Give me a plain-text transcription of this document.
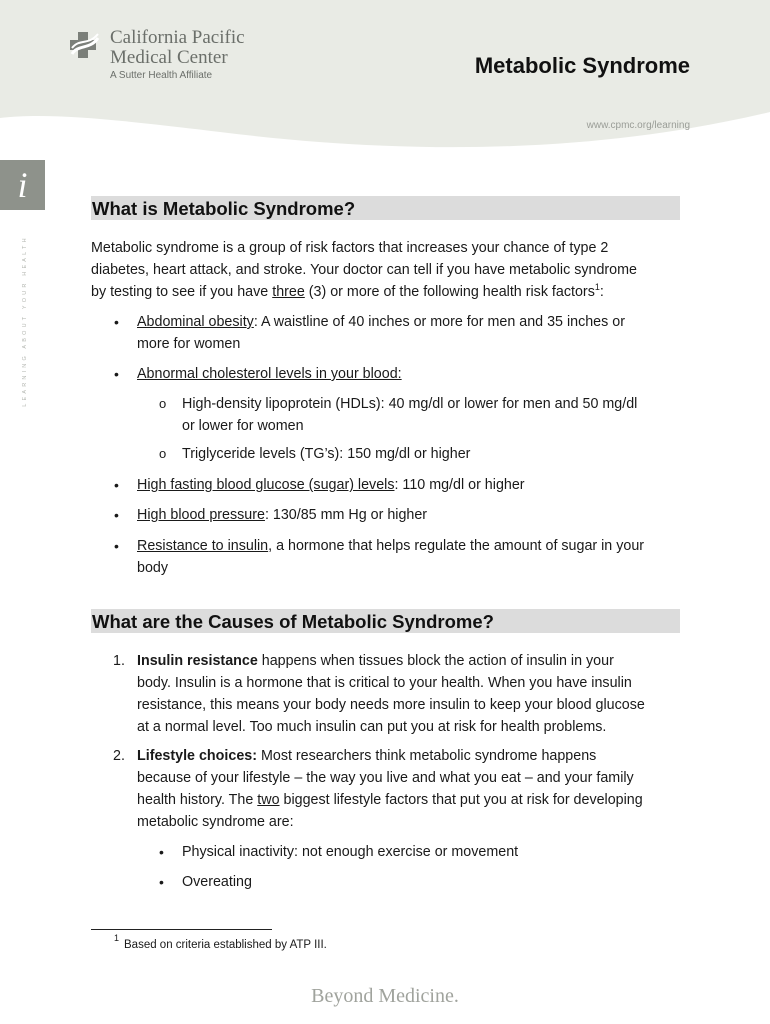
California Pacific
Medical Center
A Sutter Health Affiliate	Metabolic Syndrome
www.cpmc.org/learning
i
LEARNING ABOUT YOUR HEALTH
What is Metabolic Syndrome?
Metabolic syndrome is a group of risk factors that increases your chance of type 2
diabetes, heart attack, and stroke. Your doctor can tell if you have metabolic syndrome
by testing to see if you have three (3) or more of the following health risk factors$^1$:
• Abdominal obesity: A waistline of 40 inches or more for men and 35 inches or
more for women
• Abnormal cholesterol levels in your blood:
o High-density lipoprotein (HDLs): 40 mg/dl or lower for men and 50 mg/dl
or lower for women
o Triglyceride levels (TG’s): 150 mg/dl or higher
• High fasting blood glucose (sugar) levels: 110 mg/dl or higher
• High blood pressure: 130/85 mm Hg or higher
• Resistance to insulin, a hormone that helps regulate the amount of sugar in your
body
What are the Causes of Metabolic Syndrome?
1. Insulin resistance happens when tissues block the action of insulin in your
body. Insulin is a hormone that is critical to your health. When you have insulin
resistance, this means your body needs more insulin to keep your blood glucose
at a normal level. Too much insulin can put you at risk for health problems.
2. Lifestyle choices: Most researchers think metabolic syndrome happens
because of your lifestyle – the way you live and what you eat – and your family
health history. The two biggest lifestyle factors that put you at risk for developing
metabolic syndrome are:
• Physical inactivity: not enough exercise or movement
• Overeating
1
Based on criteria established by ATP III.
Beyond Medicine.
